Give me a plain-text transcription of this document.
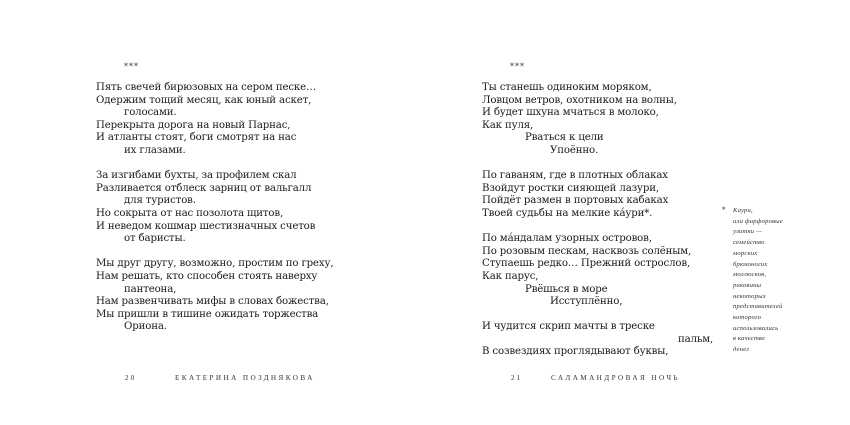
***
Пять свечей бирюзовых на сером песке…
Одержим тощий месяц, как юный аскет,
голосами.
Перекрыта дорога на новый Парнас,
И атланты стоят, боги смотрят на нас
их глазами.
За изгибами бухты, за профилем скал
Разливается отблеск зарниц от вальгалл
для туристов.
Но сокрыта от нас позолота щитов,
И неведом кошмар шестизначных счетов
от баристы.
Мы друг другу, возможно, простим по греху,
Нам решать, кто способен стоять наверху
пантеона,
Нам развенчивать мифы в словах божества,
Мы пришли в тишине ожидать торжества
Ориона.
20	ЕКАТЕРИНА ПОЗДНЯКОВА
***
Ты станешь одиноким моряком,
Ловцом ветров, охотником на волны,
И будет шхуна мчаться в молоко,
Как пуля,
Рваться к цели
Упоённо.
По гаваням, где в плотных облаках
Взойдут ростки сияющей лазури,
Пойдёт размен в портовых кабаках
Твоей судьбы на мелкие ка́ури*.
По ма́ндалам узорных островов,
По розовым пескам, насквозь солёным,
Ступаешь редко… Прежний острослов,
Как парус,
Рвёшься в море
Исступлённо,
И чудится скрип мачты в треске
пальм,
В созвездиях проглядывают буквы,
21	САЛАМАНДРОВАЯ НОЧЬ
* Каури,
или фарфоровые
улитки —
семейство
морских
брюхоногих
моллюсков,
раковины
некоторых
представителей
которого
использовались
в качестве
денег
